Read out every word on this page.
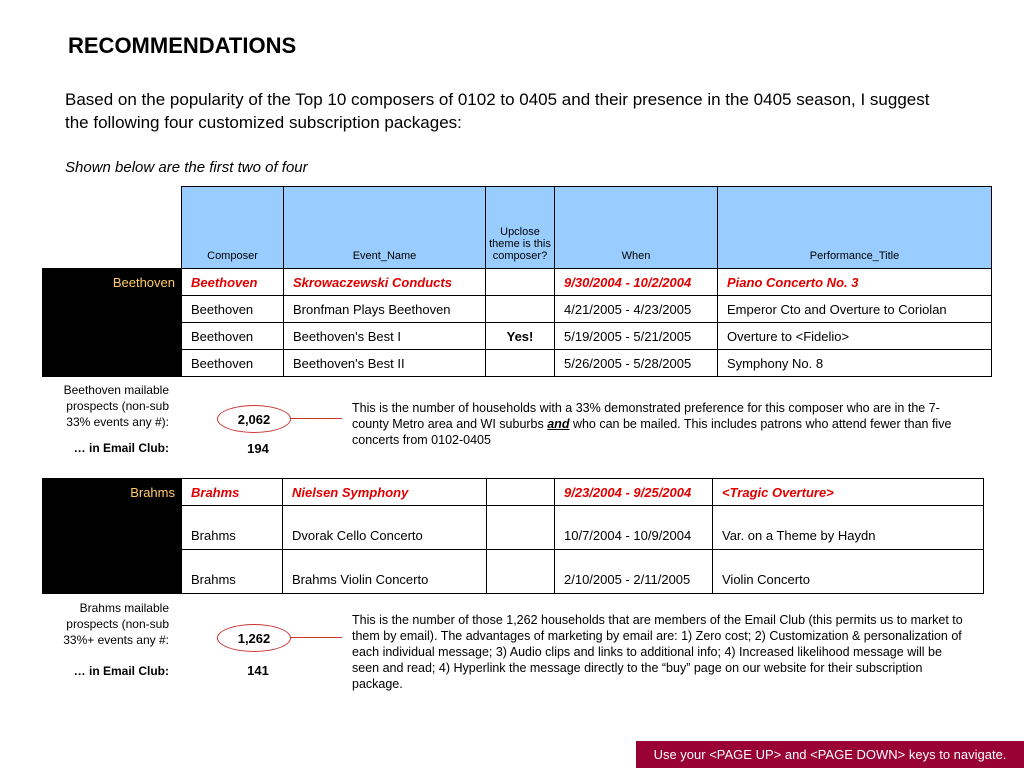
RECOMMENDATIONS
Based on the popularity of the Top 10 composers of 0102 to 0405 and their presence in the 0405 season, I suggest the following four customized subscription packages:
Shown below are the first two of four
	Composer	Event_Name	Upclose theme is this composer?	When	Performance_Title
Beethoven	Beethoven	Skrowaczewski Conducts		9/30/2004 - 10/2/2004	Piano Concerto No. 3
	Beethoven	Bronfman Plays Beethoven		4/21/2005 - 4/23/2005	Emperor Cto and Overture to Coriolan
	Beethoven	Beethoven's Best I	Yes!	5/19/2005 - 5/21/2005	Overture to <Fidelio>
	Beethoven	Beethoven's Best II		5/26/2005 - 5/28/2005	Symphony No. 8
Beethoven mailable prospects (non-sub 33% events any #):	2,062
… in Email Club:	194
This is the number of households with a 33% demonstrated preference for this composer who are in the 7-county Metro area and WI suburbs and who can be mailed. This includes patrons who attend fewer than five concerts from 0102-0405
Brahms	Brahms	Nielsen Symphony		9/23/2004 - 9/25/2004	<Tragic Overture>
	Brahms	Dvorak Cello Concerto		10/7/2004 - 10/9/2004	Var. on a Theme by Haydn
	Brahms	Brahms Violin Concerto		2/10/2005 - 2/11/2005	Violin Concerto
Brahms mailable prospects (non-sub 33%+ events any #:	1,262
… in Email Club:	141
This is the number of those 1,262 households that are members of the Email Club (this permits us to market to them by email). The advantages of marketing by email are: 1) Zero cost; 2) Customization & personalization of each individual message; 3) Audio clips and links to additional info; 4) Increased likelihood message will be seen and read; 4) Hyperlink the message directly to the “buy” page on our website for their subscription package.
Use your <PAGE UP> and <PAGE DOWN> keys to navigate.
